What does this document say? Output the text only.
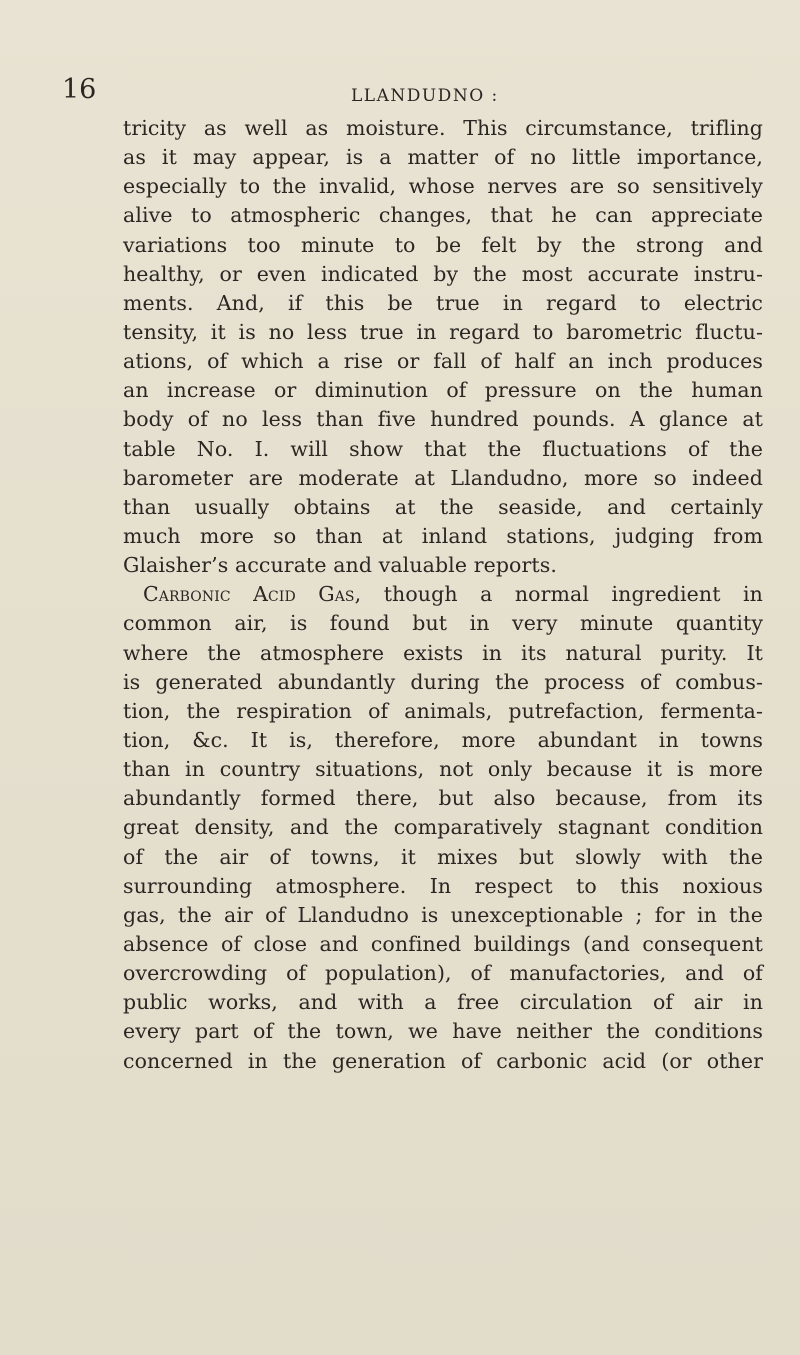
16	LLANDUDNO :
tricity as well as moisture. This circumstance, trifling
as it may appear, is a matter of no little importance,
especially to the invalid, whose nerves are so sensitively
alive to atmospheric changes, that he can appreciate
variations too minute to be felt by the strong and
healthy, or even indicated by the most accurate instru-
ments. And, if this be true in regard to electric
tensity, it is no less true in regard to barometric fluctu-
ations, of which a rise or fall of half an inch produces
an increase or diminution of pressure on the human
body of no less than five hundred pounds. A glance at
table No. I. will show that the fluctuations of the
barometer are moderate at Llandudno, more so indeed
than usually obtains at the seaside, and certainly
much more so than at inland stations, judging from
Glaisher’s accurate and valuable reports.
Carbonic Acid Gas, though a normal ingredient in
common air, is found but in very minute quantity
where the atmosphere exists in its natural purity. It
is generated abundantly during the process of combus-
tion, the respiration of animals, putrefaction, fermenta-
tion, &c. It is, therefore, more abundant in towns
than in country situations, not only because it is more
abundantly formed there, but also because, from its
great density, and the comparatively stagnant condition
of the air of towns, it mixes but slowly with the
surrounding atmosphere. In respect to this noxious
gas, the air of Llandudno is unexceptionable ; for in the
absence of close and confined buildings (and consequent
overcrowding of population), of manufactories, and of
public works, and with a free circulation of air in
every part of the town, we have neither the conditions
concerned in the generation of carbonic acid (or other
